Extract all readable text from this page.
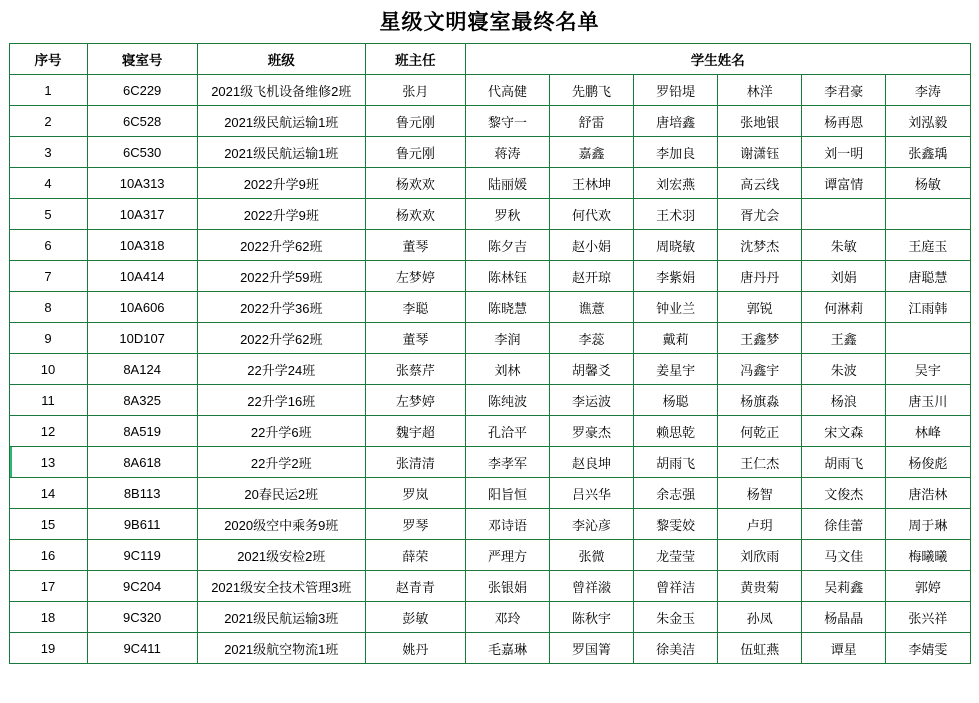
星级文明寝室最终名单
序号	寝室号	班级	班主任	学生姓名					
1	6C229	2021级飞机设备维修2班	张月	代高健	先鹏飞	罗铅堤	林洋	李君豪	李涛
2	6C528	2021级民航运输1班	鲁元刚	黎守一	舒雷	唐培鑫	张地银	杨再恩	刘泓毅
3	6C530	2021级民航运输1班	鲁元刚	蒋涛	嘉鑫	李加良	谢潇钰	刘一明	张鑫瑀
4	10A313	2022升学9班	杨欢欢	陆丽媛	王林坤	刘宏燕	高云线	谭富情	杨敏
5	10A317	2022升学9班	杨欢欢	罗秋	何代欢	王术羽	胥尤会		
6	10A318	2022升学62班	董琴	陈夕吉	赵小娟	周晓敏	沈梦杰	朱敏	王庭玉
7	10A414	2022升学59班	左梦婷	陈林钰	赵开琼	李紫娟	唐丹丹	刘娟	唐聪慧
8	10A606	2022升学36班	李聪	陈晓慧	谯薏	钟业兰	郭锐	何淋莉	江雨韩
9	10D107	2022升学62班	董琴	李润	李蕊	戴莉	王鑫梦	王鑫	
10	8A124	22升学24班	张蔡芹	刘林	胡馨爻	姜星宇	冯鑫宇	朱波	吴宇
11	8A325	22升学16班	左梦婷	陈纯波	李运波	杨聪	杨旗淼	杨浪	唐玉川
12	8A519	22升学6班	魏宇超	孔洽平	罗豪杰	赖思乾	何乾正	宋文森	林峰
13	8A618	22升学2班	张清清	李孝军	赵良坤	胡雨飞	王仁杰	胡雨飞	杨俊彪
14	8B113	20春民运2班	罗岚	阳旨恒	吕兴华	余志强	杨智	文俊杰	唐浩林
15	9B611	2020级空中乘务9班	罗琴	邓诗语	李沁彦	黎雯姣	卢玥	徐佳蕾	周于琳
16	9C119	2021级安检2班	薛荣	严理方	张微	龙莹莹	刘欣雨	马文佳	梅曦曦
17	9C204	2021级安全技术管理3班	赵青青	张银娟	曾祥潊	曾祥洁	黄贵菊	吴莉鑫	郭婷
18	9C320	2021级民航运输3班	彭敏	邓玲	陈秋宇	朱金玉	孙凤	杨晶晶	张兴祥
19	9C411	2021级航空物流1班	姚丹	毛嘉琳	罗国箐	徐美洁	伍虹燕	谭星	李婧雯
